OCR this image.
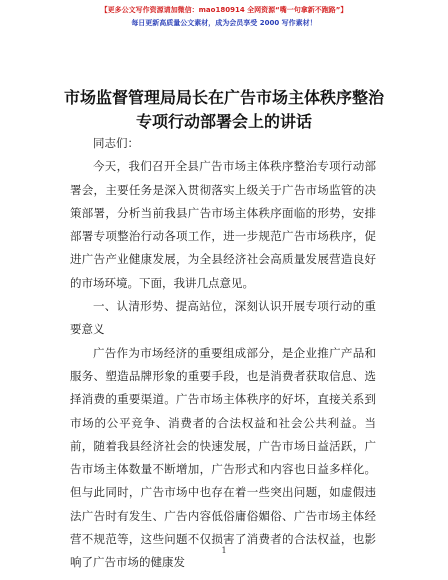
【更多公文写作资源请加微信：mao180914 全网资源“嘴一句拿新不跑路”】
每日更新高质量公文素材，成为会员享受 2000 写作素材！
市场监督管理局局长在广告市场主体秩序整治
专项行动部署会上的讲话

同志们：

今天，我们召开全县广告市场主体秩序整治专项行动部署会，主要任务是深入贯彻落实上级关于广告市场监管的决策部署，分析当前我县广告市场主体秩序面临的形势，安排部署专项整治行动各项工作，进一步规范广告市场秩序，促进广告产业健康发展，为全县经济社会高质量发展营造良好的市场环境。下面，我讲几点意见。

一、认清形势、提高站位，深刻认识开展专项行动的重要意义

广告作为市场经济的重要组成部分，是企业推广产品和服务、塑造品牌形象的重要手段，也是消费者获取信息、选择消费的重要渠道。广告市场主体秩序的好坏，直接关系到市场的公平竞争、消费者的合法权益和社会公共利益。当前，随着我县经济社会的快速发展，广告市场日益活跃，广告市场主体数量不断增加，广告形式和内容也日益多样化。但与此同时，广告市场中也存在着一些突出问题，如虚假违法广告时有发生、广告内容低俗庸俗媚俗、广告市场主体经营不规范等，这些问题不仅损害了消费者的合法权益，也影响了广告市场的健康发

1
